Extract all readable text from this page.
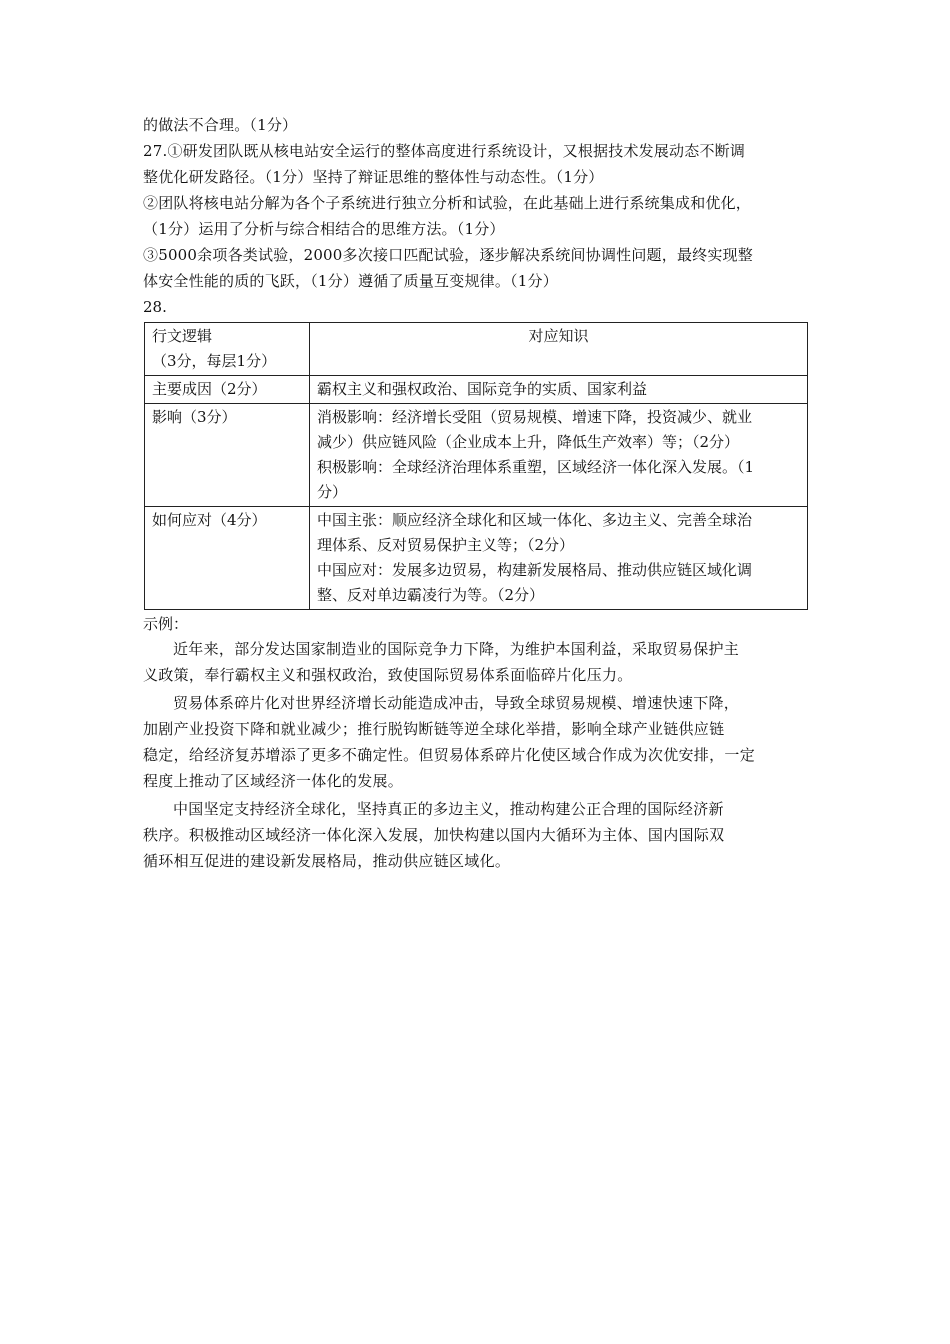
的做法不合理。（1分）
27.①研发团队既从核电站安全运行的整体高度进行系统设计，又根据技术发展动态不断调
整优化研发路径。（1分）坚持了辩证思维的整体性与动态性。（1分）
②团队将核电站分解为各个子系统进行独立分析和试验，在此基础上进行系统集成和优化，
（1分）运用了分析与综合相结合的思维方法。（1分）
③5000余项各类试验，2000多次接口匹配试验，逐步解决系统间协调性问题，最终实现整
体安全性能的质的飞跃，（1分）遵循了质量互变规律。（1分）
28.
行文逻辑
（3分，每层1分）	对应知识
主要成因（2分）	霸权主义和强权政治、国际竞争的实质、国家利益

影响（3分）	消极影响：经济增长受阻（贸易规模、增速下降，投资减少、就业
减少）供应链风险（企业成本上升，降低生产效率）等；（2分）
积极影响：全球经济治理体系重塑，区域经济一体化深入发展。（1
分）

如何应对（4分）	中国主张：顺应经济全球化和区域一体化、多边主义、完善全球治
理体系、反对贸易保护主义等；（2分）
中国应对：发展多边贸易，构建新发展格局、推动供应链区域化调
整、反对单边霸凌行为等。（2分）
示例：
近年来，部分发达国家制造业的国际竞争力下降，为维护本国利益，采取贸易保护主
义政策，奉行霸权主义和强权政治，致使国际贸易体系面临碎片化压力。
贸易体系碎片化对世界经济增长动能造成冲击，导致全球贸易规模、增速快速下降，
加剧产业投资下降和就业减少；推行脱钩断链等逆全球化举措，影响全球产业链供应链
稳定，给经济复苏增添了更多不确定性。但贸易体系碎片化使区域合作成为次优安排，一定
程度上推动了区域经济一体化的发展。
中国坚定支持经济全球化，坚持真正的多边主义，推动构建公正合理的国际经济新
秩序。积极推动区域经济一体化深入发展，加快构建以国内大循环为主体、国内国际双
循环相互促进的建设新发展格局，推动供应链区域化。
